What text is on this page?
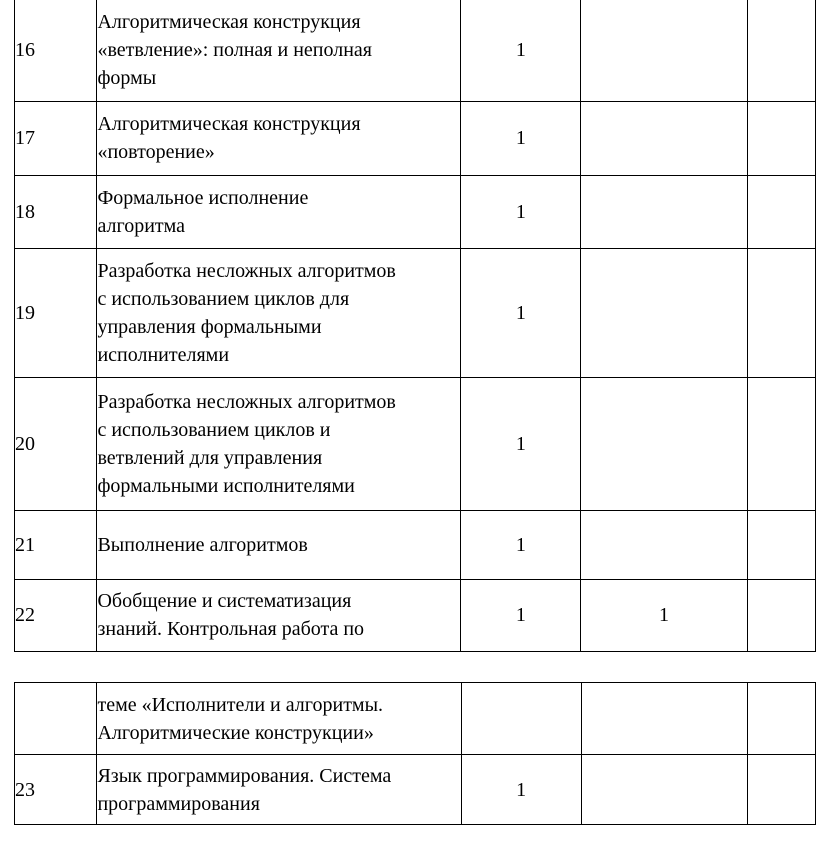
16	Алгоритмическая конструкция
«ветвление»: полная и неполная
формы	1		
17	Алгоритмическая конструкция
«повторение»	1		
18	Формальное исполнение
алгоритма	1		
19	Разработка несложных алгоритмов
с использованием циклов для
управления формальными
исполнителями	1		
20	Разработка несложных алгоритмов
с использованием циклов и
ветвлений для управления
формальными исполнителями	1		
21	Выполнение алгоритмов	1		
22	Обобщение и систематизация
знаний. Контрольная работа по	1	1	

	теме «Исполнители и алгоритмы.
Алгоритмические конструкции»			

23	Язык программирования. Система
программирования	1		
